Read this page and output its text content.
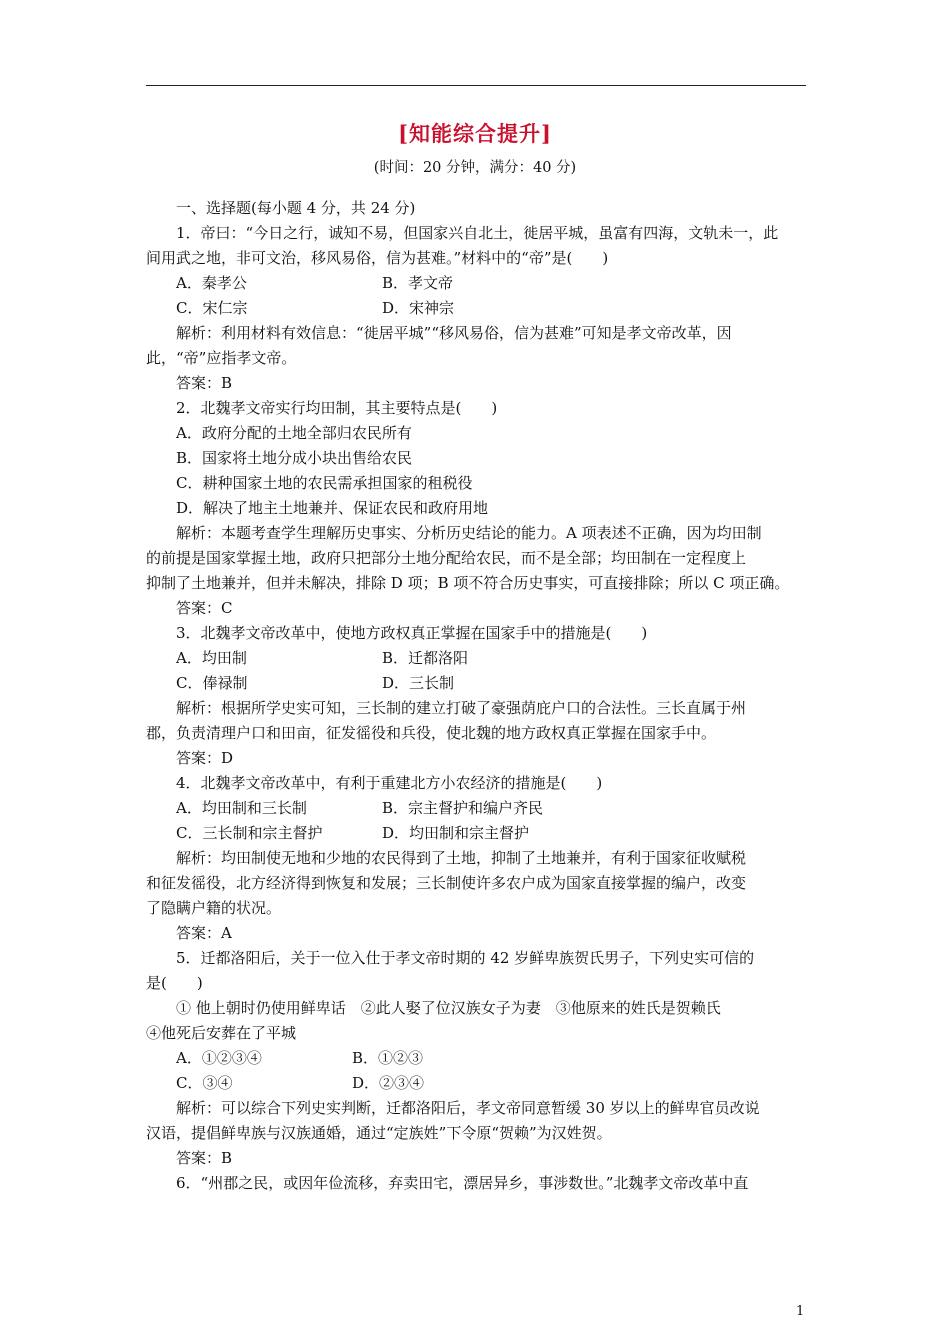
[知能综合提升]
(时间：20 分钟，满分：40 分)
一、选择题(每小题 4 分，共 24 分)
1．帝曰：“今日之行，诚知不易，但国家兴自北土，徙居平城，虽富有四海，文轨未一，此
间用武之地，非可文治，移风易俗，信为甚难。”材料中的“帝”是(　　)
A．秦孝公	B．孝文帝
C．宋仁宗	D．宋神宗
解析：利用材料有效信息：“徙居平城”“移风易俗，信为甚难”可知是孝文帝改革，因
此，“帝”应指孝文帝。
答案：B
2．北魏孝文帝实行均田制，其主要特点是(　　)
A．政府分配的土地全部归农民所有
B．国家将土地分成小块出售给农民
C．耕种国家土地的农民需承担国家的租税役
D．解决了地主土地兼并、保证农民和政府用地
解析：本题考查学生理解历史事实、分析历史结论的能力。A 项表述不正确，因为均田制
的前提是国家掌握土地，政府只把部分土地分配给农民，而不是全部；均田制在一定程度上
抑制了土地兼并，但并未解决，排除 D 项；B 项不符合历史事实，可直接排除；所以 C 项正确。
答案：C
3．北魏孝文帝改革中，使地方政权真正掌握在国家手中的措施是(　　)
A．均田制	B．迁都洛阳
C．俸禄制	D．三长制
解析：根据所学史实可知，三长制的建立打破了豪强荫庇户口的合法性。三长直属于州
郡，负责清理户口和田亩，征发徭役和兵役，使北魏的地方政权真正掌握在国家手中。
答案：D
4．北魏孝文帝改革中，有利于重建北方小农经济的措施是(　　)
A．均田制和三长制	B．宗主督护和编户齐民
C．三长制和宗主督护	D．均田制和宗主督护
解析：均田制使无地和少地的农民得到了土地，抑制了土地兼并，有利于国家征收赋税
和征发徭役，北方经济得到恢复和发展；三长制使许多农户成为国家直接掌握的编户，改变
了隐瞒户籍的状况。
答案：A
5．迁都洛阳后，关于一位入仕于孝文帝时期的 42 岁鲜卑族贺氏男子，下列史实可信的
是(　　)
① 他上朝时仍使用鲜卑话　②此人娶了位汉族女子为妻　③他原来的姓氏是贺赖氏
④他死后安葬在了平城
A．①②③④	B．①②③
C．③④	D．②③④
解析：可以综合下列史实判断，迁都洛阳后，孝文帝同意暂缓 30 岁以上的鲜卑官员改说
汉语，提倡鲜卑族与汉族通婚，通过“定族姓”下令原“贺赖”为汉姓贺。
答案：B
6．“州郡之民，或因年俭流移，弃卖田宅，漂居异乡，事涉数世。”北魏孝文帝改革中直
1
